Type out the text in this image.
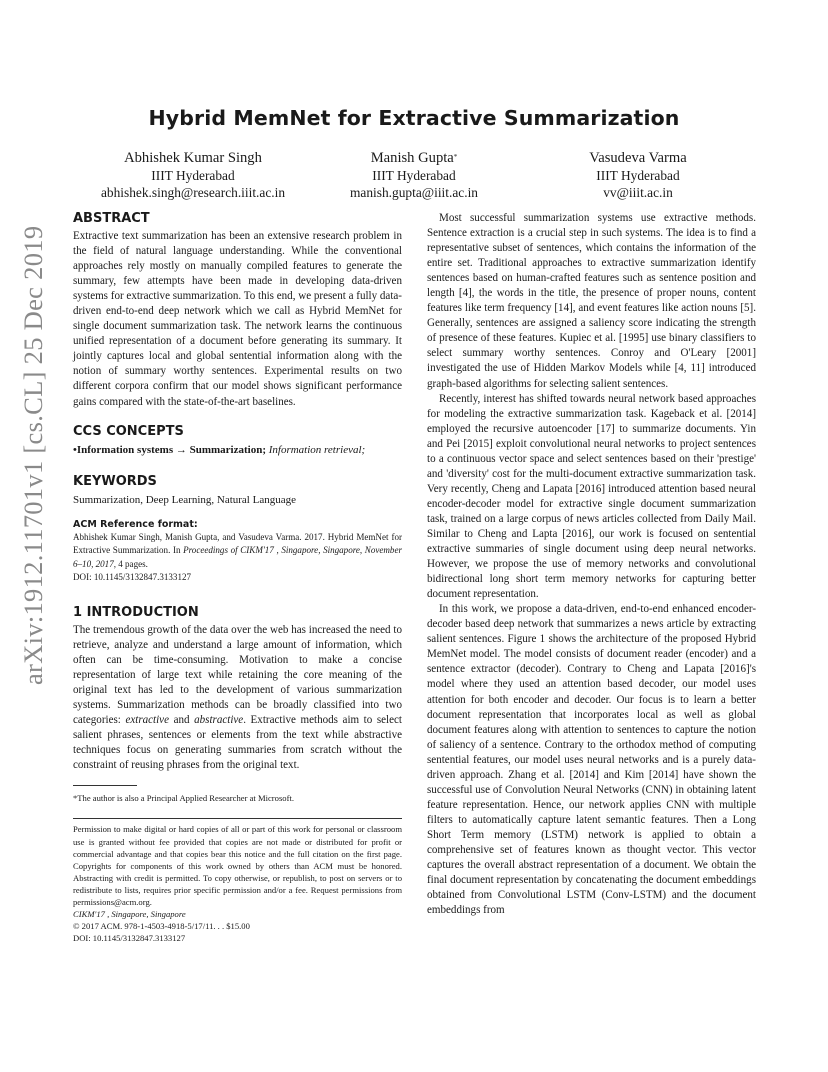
Hybrid MemNet for Extractive Summarization
Abhishek Kumar Singh
IIIT Hyderabad
abhishek.singh@research.iiit.ac.in
Manish Gupta*
IIIT Hyderabad
manish.gupta@iiit.ac.in
Vasudeva Varma
IIIT Hyderabad
vv@iiit.ac.in
arXiv:1912.11701v1 [cs.CL] 25 Dec 2019
ABSTRACT

Extractive text summarization has been an extensive research problem in the field of natural language understanding. While the conventional approaches rely mostly on manually compiled features to generate the summary, few attempts have been made in developing data-driven systems for extractive summarization. To this end, we present a fully data-driven end-to-end deep network which we call as Hybrid MemNet for single document summarization task. The network learns the continuous unified representation of a document before generating its summary. It jointly captures local and global sentential information along with the notion of summary worthy sentences. Experimental results on two different corpora confirm that our model shows significant performance gains compared with the state-of-the-art baselines.

CCS CONCEPTS

•Information systems → Summarization; Information retrieval;

KEYWORDS

Summarization, Deep Learning, Natural Language

ACM Reference format:

Abhishek Kumar Singh, Manish Gupta, and Vasudeva Varma. 2017. Hybrid MemNet for Extractive Summarization. In Proceedings of CIKM'17 , Singapore, Singapore, November 6–10, 2017, 4 pages.

DOI: 10.1145/3132847.3133127

1 INTRODUCTION

The tremendous growth of the data over the web has increased the need to retrieve, analyze and understand a large amount of information, which often can be time-consuming. Motivation to make a concise representation of large text while retaining the core meaning of the original text has led to the development of various summarization systems. Summarization methods can be broadly classified into two categories: extractive and abstractive. Extractive methods aim to select salient phrases, sentences or elements from the text while abstractive techniques focus on generating summaries from scratch without the constraint of reusing phrases from the original text.

*The author is also a Principal Applied Researcher at Microsoft.

Permission to make digital or hard copies of all or part of this work for personal or classroom use is granted without fee provided that copies are not made or distributed for profit or commercial advantage and that copies bear this notice and the full citation on the first page. Copyrights for components of this work owned by others than ACM must be honored. Abstracting with credit is permitted. To copy otherwise, or republish, to post on servers or to redistribute to lists, requires prior specific permission and/or a fee. Request permissions from permissions@acm.org.

CIKM'17 , Singapore, Singapore

© 2017 ACM. 978-1-4503-4918-5/17/11. . . $15.00

DOI: 10.1145/3132847.3133127

Most successful summarization systems use extractive methods. Sentence extraction is a crucial step in such systems. The idea is to find a representative subset of sentences, which contains the information of the entire set. Traditional approaches to extractive summarization identify sentences based on human-crafted features such as sentence position and length [4], the words in the title, the presence of proper nouns, content features like term frequency [14], and event features like action nouns [5]. Generally, sentences are assigned a saliency score indicating the strength of presence of these features. Kupiec et al. [1995] use binary classifiers to select summary worthy sentences. Conroy and O'Leary [2001] investigated the use of Hidden Markov Models while [4, 11] introduced graph-based algorithms for selecting salient sentences.

Recently, interest has shifted towards neural network based approaches for modeling the extractive summarization task. Kageback et al. [2014] employed the recursive autoencoder [17] to summarize documents. Yin and Pei [2015] exploit convolutional neural networks to project sentences to a continuous vector space and select sentences based on their 'prestige' and 'diversity' cost for the multi-document extractive summarization task. Very recently, Cheng and Lapata [2016] introduced attention based neural encoder-decoder model for extractive single document summarization task, trained on a large corpus of news articles collected from Daily Mail. Similar to Cheng and Lapta [2016], our work is focused on sentential extractive summaries of single document using deep neural networks. However, we propose the use of memory networks and convolutional bidirectional long short term memory networks for capturing better document representation.

In this work, we propose a data-driven, end-to-end enhanced encoder-decoder based deep network that summarizes a news article by extracting salient sentences. Figure 1 shows the architecture of the proposed Hybrid MemNet model. The model consists of document reader (encoder) and a sentence extractor (decoder). Contrary to Cheng and Lapata [2016]'s model where they used an attention based decoder, our model uses attention for both encoder and decoder. Our focus is to learn a better document representation that incorporates local as well as global document features along with attention to sentences to capture the notion of saliency of a sentence. Contrary to the orthodox method of computing sentential features, our model uses neural networks and is a purely data-driven approach. Zhang et al. [2014] and Kim [2014] have shown the successful use of Convolution Neural Networks (CNN) in obtaining latent feature representation. Hence, our network applies CNN with multiple filters to automatically capture latent semantic features. Then a Long Short Term memory (LSTM) network is applied to obtain a comprehensive set of features known as thought vector. This vector captures the overall abstract representation of a document. We obtain the final document representation by concatenating the document embeddings obtained from Convolutional LSTM (Conv-LSTM) and the document embeddings from
